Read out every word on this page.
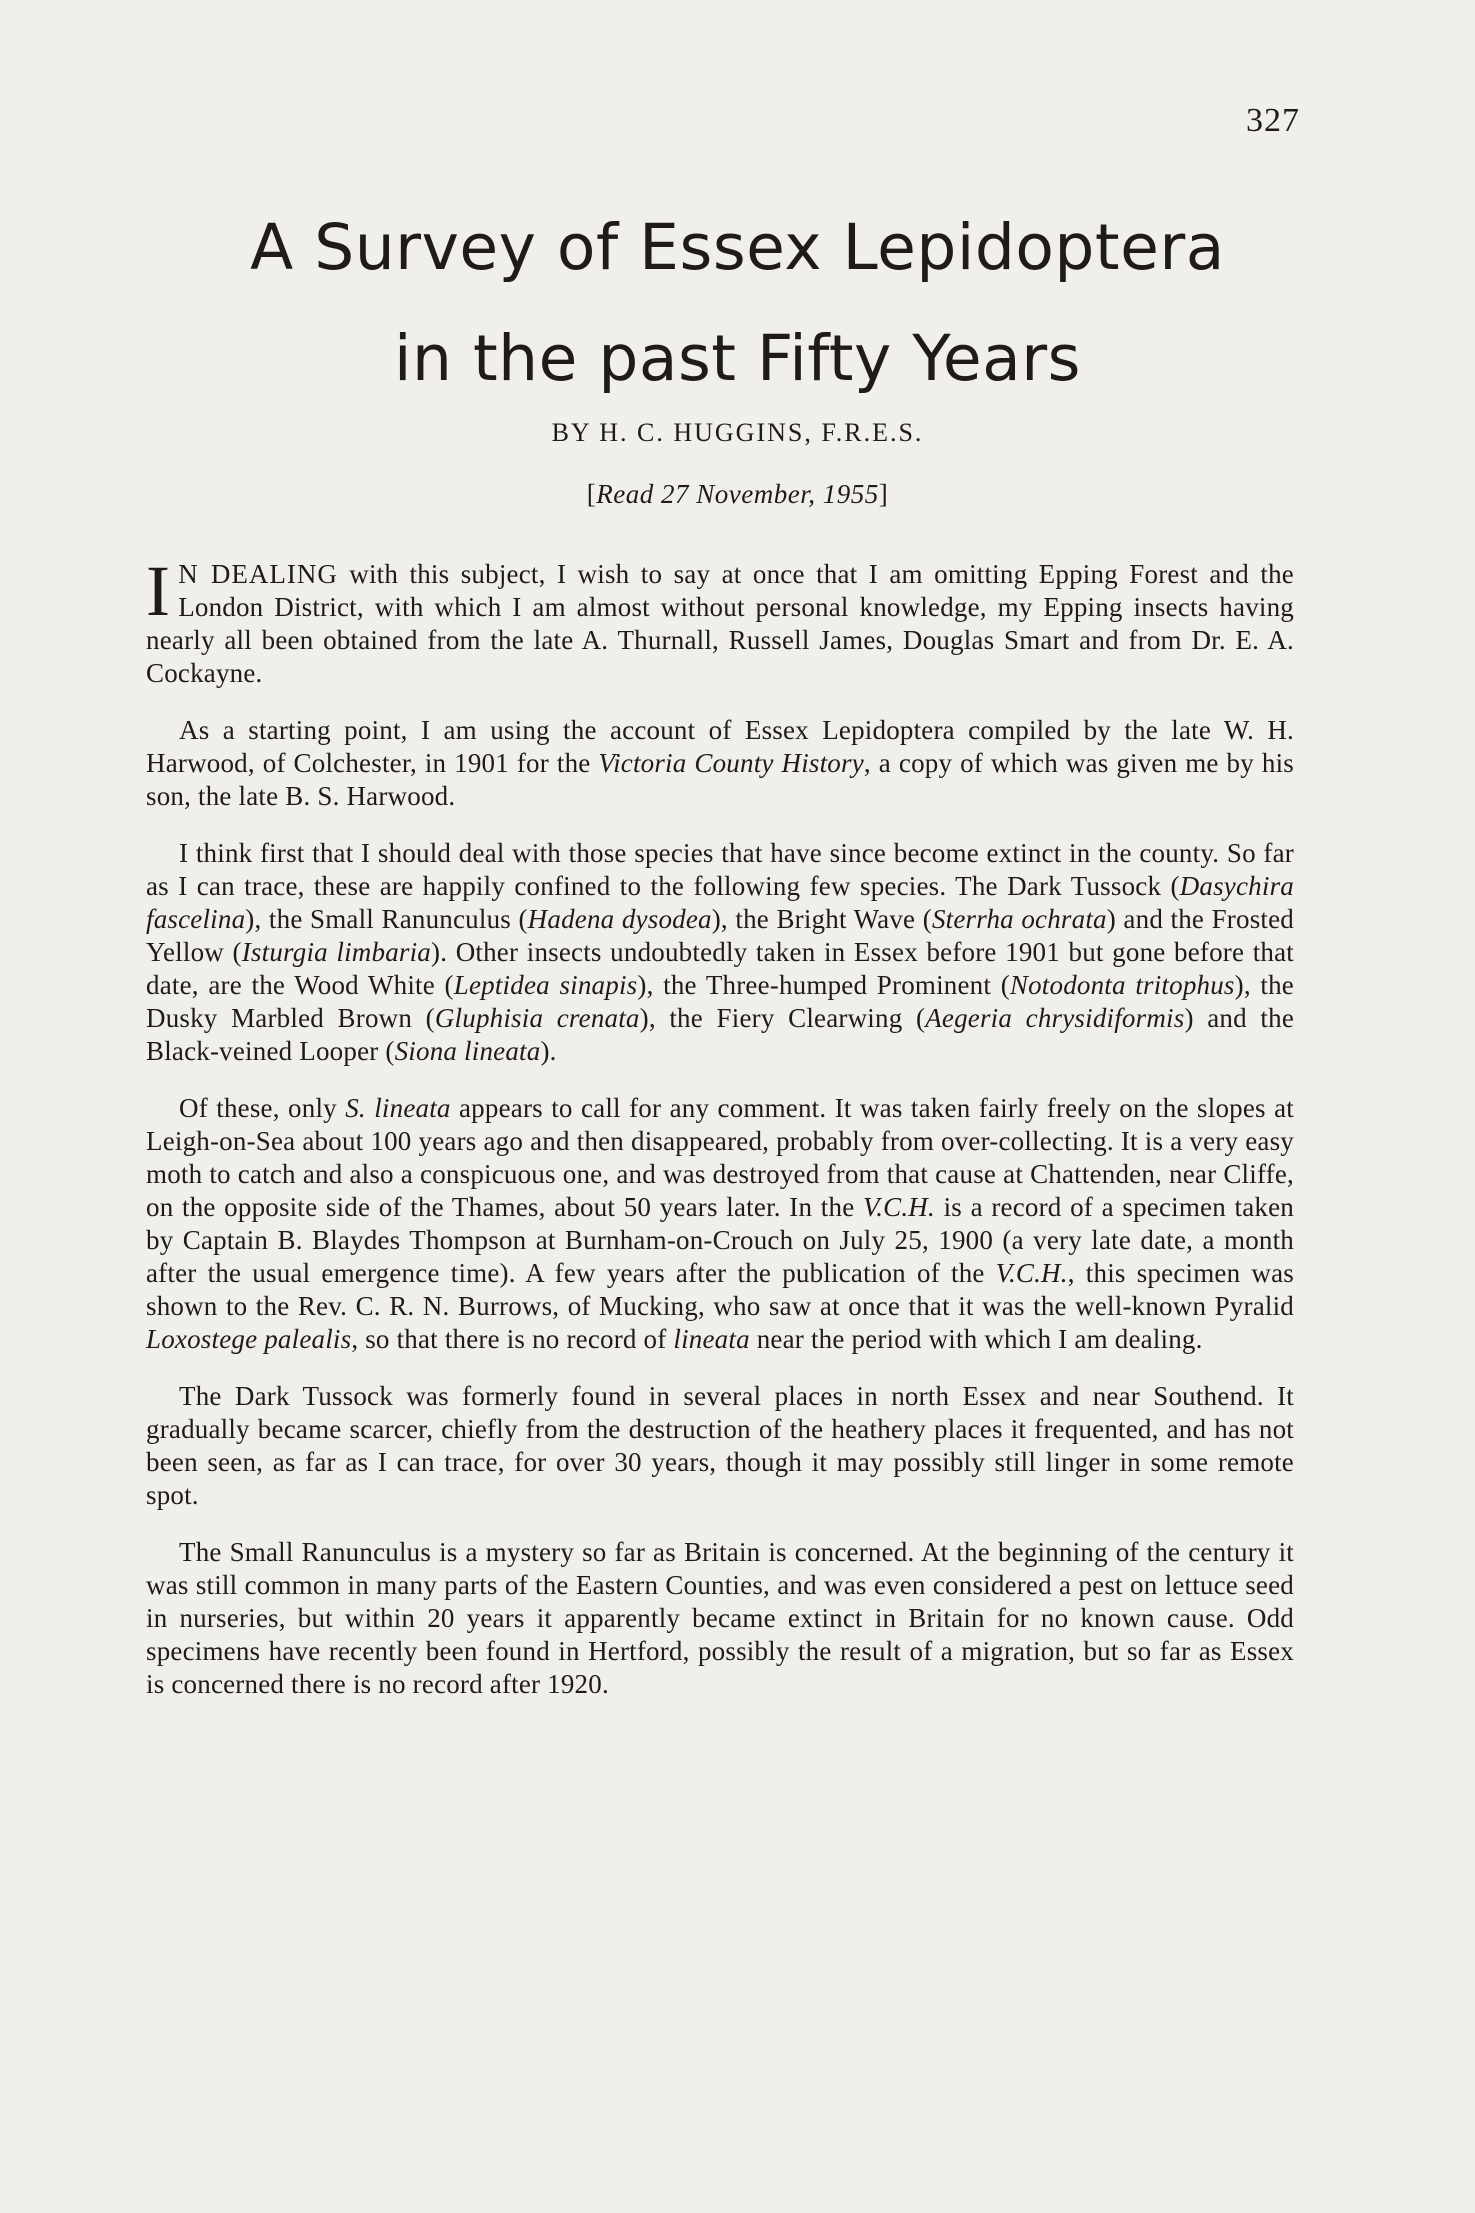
327
A Survey of Essex Lepidoptera
in the past Fifty Years
BY H. C. HUGGINS, F.R.E.S.
[Read 27 November, 1955]

I N DEALING with this subject, I wish to say at once that I am omitting Epping Forest and the London District, with which I am almost without personal knowledge, my Epping insects having nearly all been obtained from the late A. Thurnall, Russell James, Douglas Smart and from Dr. E. A. Cockayne.

As a starting point, I am using the account of Essex Lepidoptera compiled by the late W. H. Harwood, of Colchester, in 1901 for the Victoria County History, a copy of which was given me by his son, the late B. S. Harwood.

I think first that I should deal with those species that have since become extinct in the county. So far as I can trace, these are happily confined to the following few species. The Dark Tussock (Dasychira fascelina), the Small Ranunculus (Hadena dysodea), the Bright Wave (Sterrha ochrata) and the Frosted Yellow (Isturgia limbaria). Other insects undoubtedly taken in Essex before 1901 but gone before that date, are the Wood White (Leptidea sinapis), the Three-humped Prominent (Notodonta tritophus), the Dusky Marbled Brown (Gluphisia crenata), the Fiery Clearwing (Aegeria chrysidiformis) and the Black-veined Looper (Siona lineata).

Of these, only S. lineata appears to call for any comment. It was taken fairly freely on the slopes at Leigh-on-Sea about 100 years ago and then disappeared, probably from over-collecting. It is a very easy moth to catch and also a conspicuous one, and was destroyed from that cause at Chattenden, near Cliffe, on the opposite side of the Thames, about 50 years later. In the V.C.H. is a record of a specimen taken by Captain B. Blaydes Thompson at Burnham-on-Crouch on July 25, 1900 (a very late date, a month after the usual emergence time). A few years after the publication of the V.C.H., this specimen was shown to the Rev. C. R. N. Burrows, of Mucking, who saw at once that it was the well-known Pyralid Loxostege palealis, so that there is no record of lineata near the period with which I am dealing.

The Dark Tussock was formerly found in several places in north Essex and near Southend. It gradually became scarcer, chiefly from the destruction of the heathery places it frequented, and has not been seen, as far as I can trace, for over 30 years, though it may possibly still linger in some remote spot.

The Small Ranunculus is a mystery so far as Britain is concerned. At the beginning of the century it was still common in many parts of the Eastern Counties, and was even considered a pest on lettuce seed in nurseries, but within 20 years it apparently became extinct in Britain for no known cause. Odd specimens have recently been found in Hertford, possibly the result of a migration, but so far as Essex is concerned there is no record after 1920.
